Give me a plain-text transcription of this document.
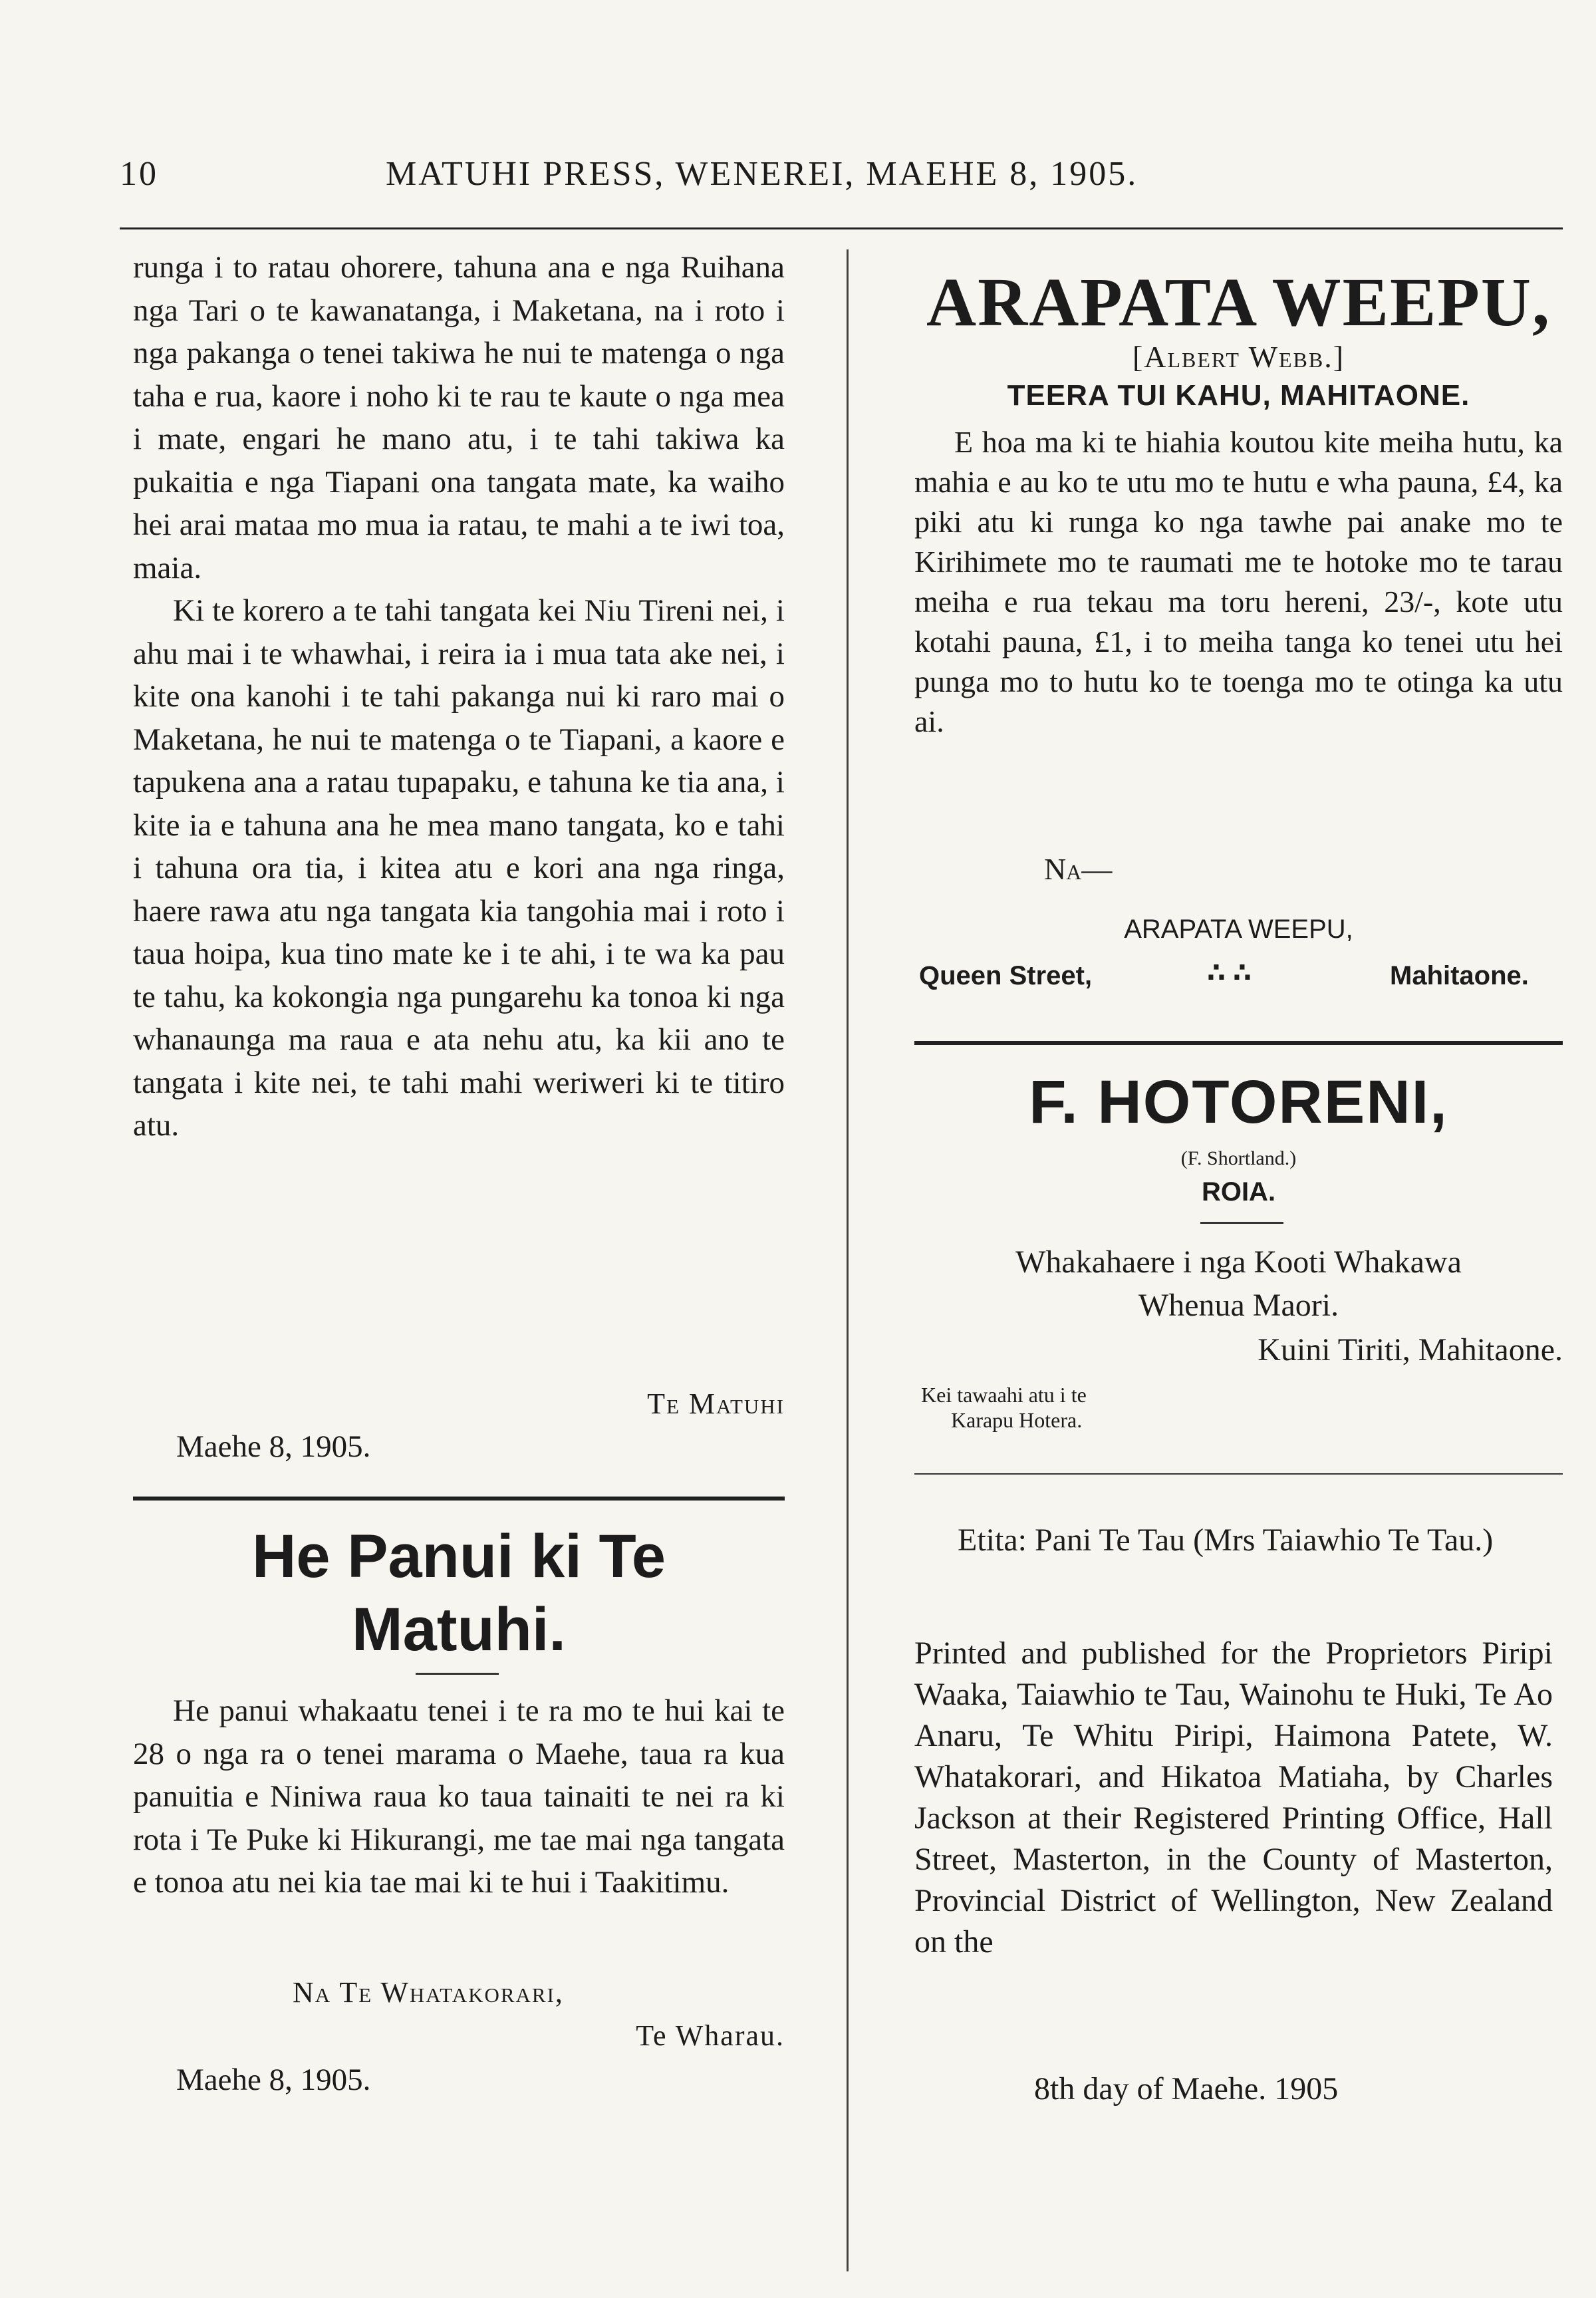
10	MATUHI PRESS, WENEREI, MAEHE 8, 1905.

runga i to ratau ohorere, tahuna ana e nga Ruihana nga Tari o te kawanatanga, i Maketana, na i roto i nga pakanga o tenei takiwa he nui te matenga o nga taha e rua, kaore i noho ki te rau te kaute o nga mea i mate, engari he mano atu, i te tahi takiwa ka pukaitia e nga Tiapani ona tangata mate, ka waiho hei arai mataa mo mua ia ratau, te mahi a te iwi toa, maia.

Ki te korero a te tahi tangata kei Niu Tireni nei, i ahu mai i te whawhai, i reira ia i mua tata ake nei, i kite ona kanohi i te tahi pakanga nui ki raro mai o Maketana, he nui te matenga o te Tiapani, a kaore e tapukena ana a ratau tupapaku, e tahuna ke tia ana, i kite ia e tahuna ana he mea mano tangata, ko e tahi i tahuna ora tia, i kitea atu e kori ana nga ringa, haere rawa atu nga tangata kia tangohia mai i roto i taua hoipa, kua tino mate ke i te ahi, i te wa ka pau te tahu, ka kokongia nga pungarehu ka tonoa ki nga whanaunga ma raua e ata nehu atu, ka kii ano te tangata i kite nei, te tahi mahi weriweri ki te titiro atu.

Te Matuhi
Maehe 8, 1905.
He Panui ki Te
Matuhi.
He panui whakaatu tenei i te ra mo te hui kai te 28 o nga ra o tenei marama o Maehe, taua ra kua panuitia e Niniwa raua ko taua tainaiti te nei ra ki rota i Te Puke ki Hikurangi, me tae mai nga tangata e tonoa atu nei kia tae mai ki te hui i Taakitimu.
Na Te Whatakorari,
Te Wharau.
Maehe 8, 1905.
ARAPATA WEEPU,
[Albert Webb.]
TEERA TUI KAHU, MAHITAONE.
E hoa ma ki te hiahia koutou kite meiha hutu, ka mahia e au ko te utu mo te hutu e wha pauna, £4, ka piki atu ki runga ko nga tawhe pai anake mo te Kirihimete mo te raumati me te hotoke mo te tarau meiha e rua tekau ma toru hereni, 23/-, kote utu kotahi pauna, £1, i to meiha tanga ko tenei utu hei punga mo to hutu ko te toenga mo te otinga ka utu ai.
Na—
ARAPATA WEEPU,
Queen Street,	∴ ∴	Mahitaone.
F. HOTORENI,
(F. Shortland.)
ROIA.
Whakahaere i nga Kooti Whakawa
Whenua Maori.
Kuini Tiriti, Mahitaone.
Kei tawaahi atu i te
Karapu Hotera.
Etita: Pani Te Tau (Mrs Taiawhio Te Tau.)
Printed and published for the Proprietors Piripi Waaka, Taiawhio te Tau, Wainohu te Huki, Te Ao Anaru, Te Whitu Piripi, Haimona Patete, W. Whatakorari, and Hikatoa Matiaha, by Charles Jackson at their Registered Printing Office, Hall Street, Masterton, in the County of Masterton, Provincial District of Wellington, New Zealand on the
8th day of Maehe. 1905
